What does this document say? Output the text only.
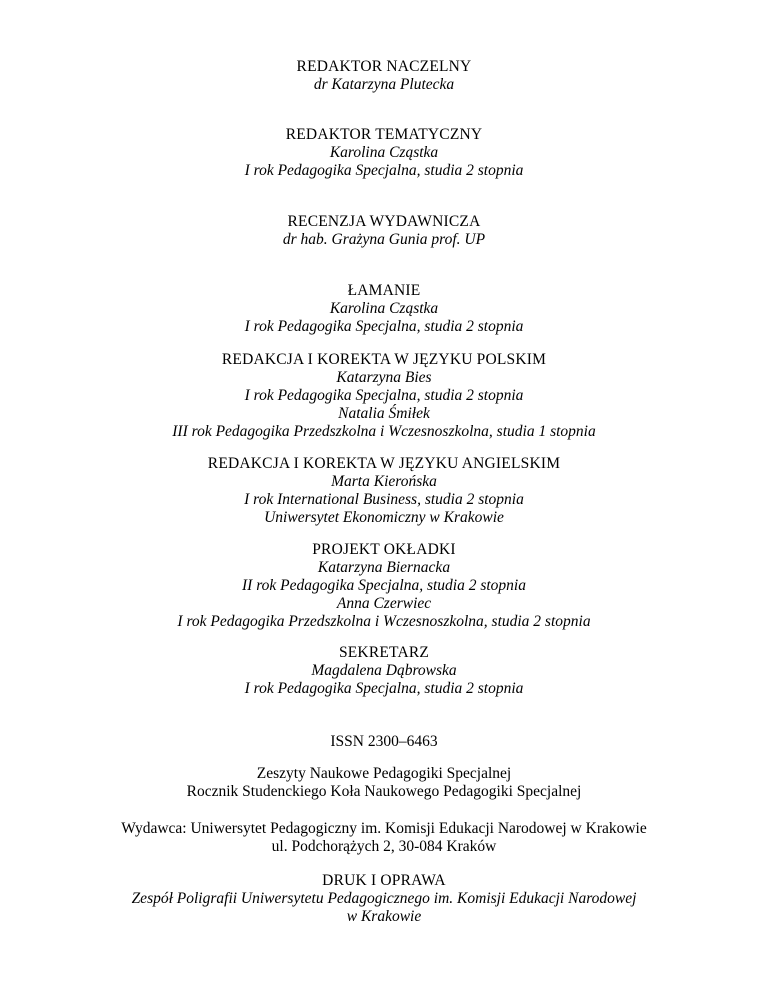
REDAKTOR NACZELNY
dr Katarzyna Plutecka
REDAKTOR TEMATYCZNY
Karolina Cząstka
I rok Pedagogika Specjalna, studia 2 stopnia
RECENZJA WYDAWNICZA
dr hab. Grażyna Gunia prof. UP
ŁAMANIE
Karolina Cząstka
I rok Pedagogika Specjalna, studia 2 stopnia
REDAKCJA I KOREKTA W JĘZYKU POLSKIM
Katarzyna Bies
I rok Pedagogika Specjalna, studia 2 stopnia
Natalia Śmiłek
III rok Pedagogika Przedszkolna i Wczesnoszkolna, studia 1 stopnia
REDAKCJA I KOREKTA W JĘZYKU ANGIELSKIM
Marta Kierońska
I rok International Business, studia 2 stopnia
Uniwersytet Ekonomiczny w Krakowie
PROJEKT OKŁADKI
Katarzyna Biernacka
II rok Pedagogika Specjalna, studia 2 stopnia
Anna Czerwiec
I rok Pedagogika Przedszkolna i Wczesnoszkolna, studia 2 stopnia
SEKRETARZ
Magdalena Dąbrowska
I rok Pedagogika Specjalna, studia 2 stopnia
ISSN 2300–6463
Zeszyty Naukowe Pedagogiki Specjalnej
Rocznik Studenckiego Koła Naukowego Pedagogiki Specjalnej
Wydawca: Uniwersytet Pedagogiczny im. Komisji Edukacji Narodowej w Krakowie
ul. Podchorążych 2, 30-084 Kraków
DRUK I OPRAWA
Zespół Poligrafii Uniwersytetu Pedagogicznego im. Komisji Edukacji Narodowej
w Krakowie
